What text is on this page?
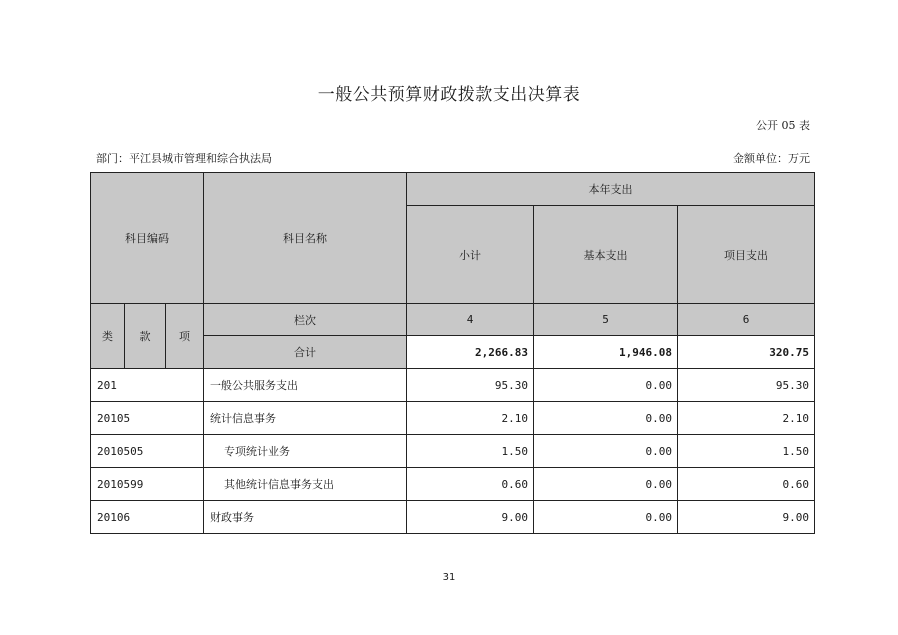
一般公共预算财政拨款支出决算表
公开 05 表
部门：平江县城市管理和综合执法局	金额单位：万元
科目编码			科目名称	本年支出		
				小计	基本支出	项目支出
类	款	项	栏次	4	5	6
			合计	2,266.83	1,946.08	320.75
201			一般公共服务支出	95.30	0.00	95.30
20105			统计信息事务	2.10	0.00	2.10
2010505			专项统计业务	1.50	0.00	1.50
2010599			其他统计信息事务支出	0.60	0.00	0.60
20106			财政事务	9.00	0.00	9.00
31
